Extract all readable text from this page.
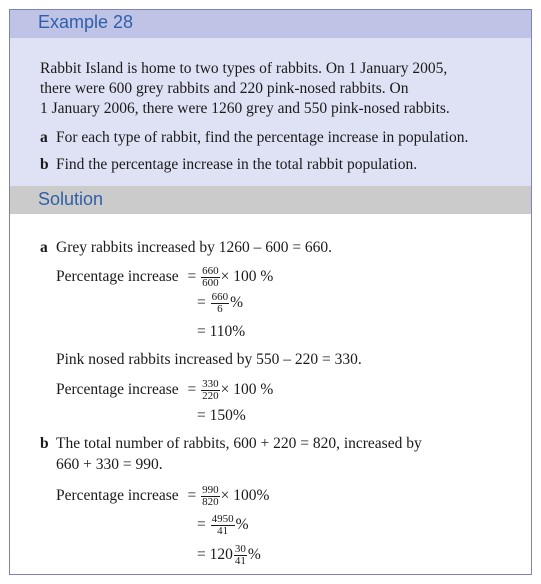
Example 28
Rabbit Island is home to two types of rabbits. On 1 January 2005,
there were 600 grey rabbits and 220 pink-nosed rabbits. On
1 January 2006, there were 1260 grey and 550 pink-nosed rabbits.
a For each type of rabbit, find the percentage increase in population.
b Find the percentage increase in the total rabbit population.
Solution
a Grey rabbits increased by 1260 – 600 = 660.
Percentage increase = $\frac{660}{600} \times 100$ %
= $\frac{660}{6}$ %
= 110%
Pink nosed rabbits increased by 550 – 220 = 330.
Percentage increase = $\frac{330}{220} \times 100$ %
= 150%
b The total number of rabbits, 600 + 220 = 820, increased by
660 + 330 = 990.
Percentage increase = $\frac{990}{820} \times 100\%$
= $\frac{4950}{41}$ %
= $120 \frac{30}{41}$ %
